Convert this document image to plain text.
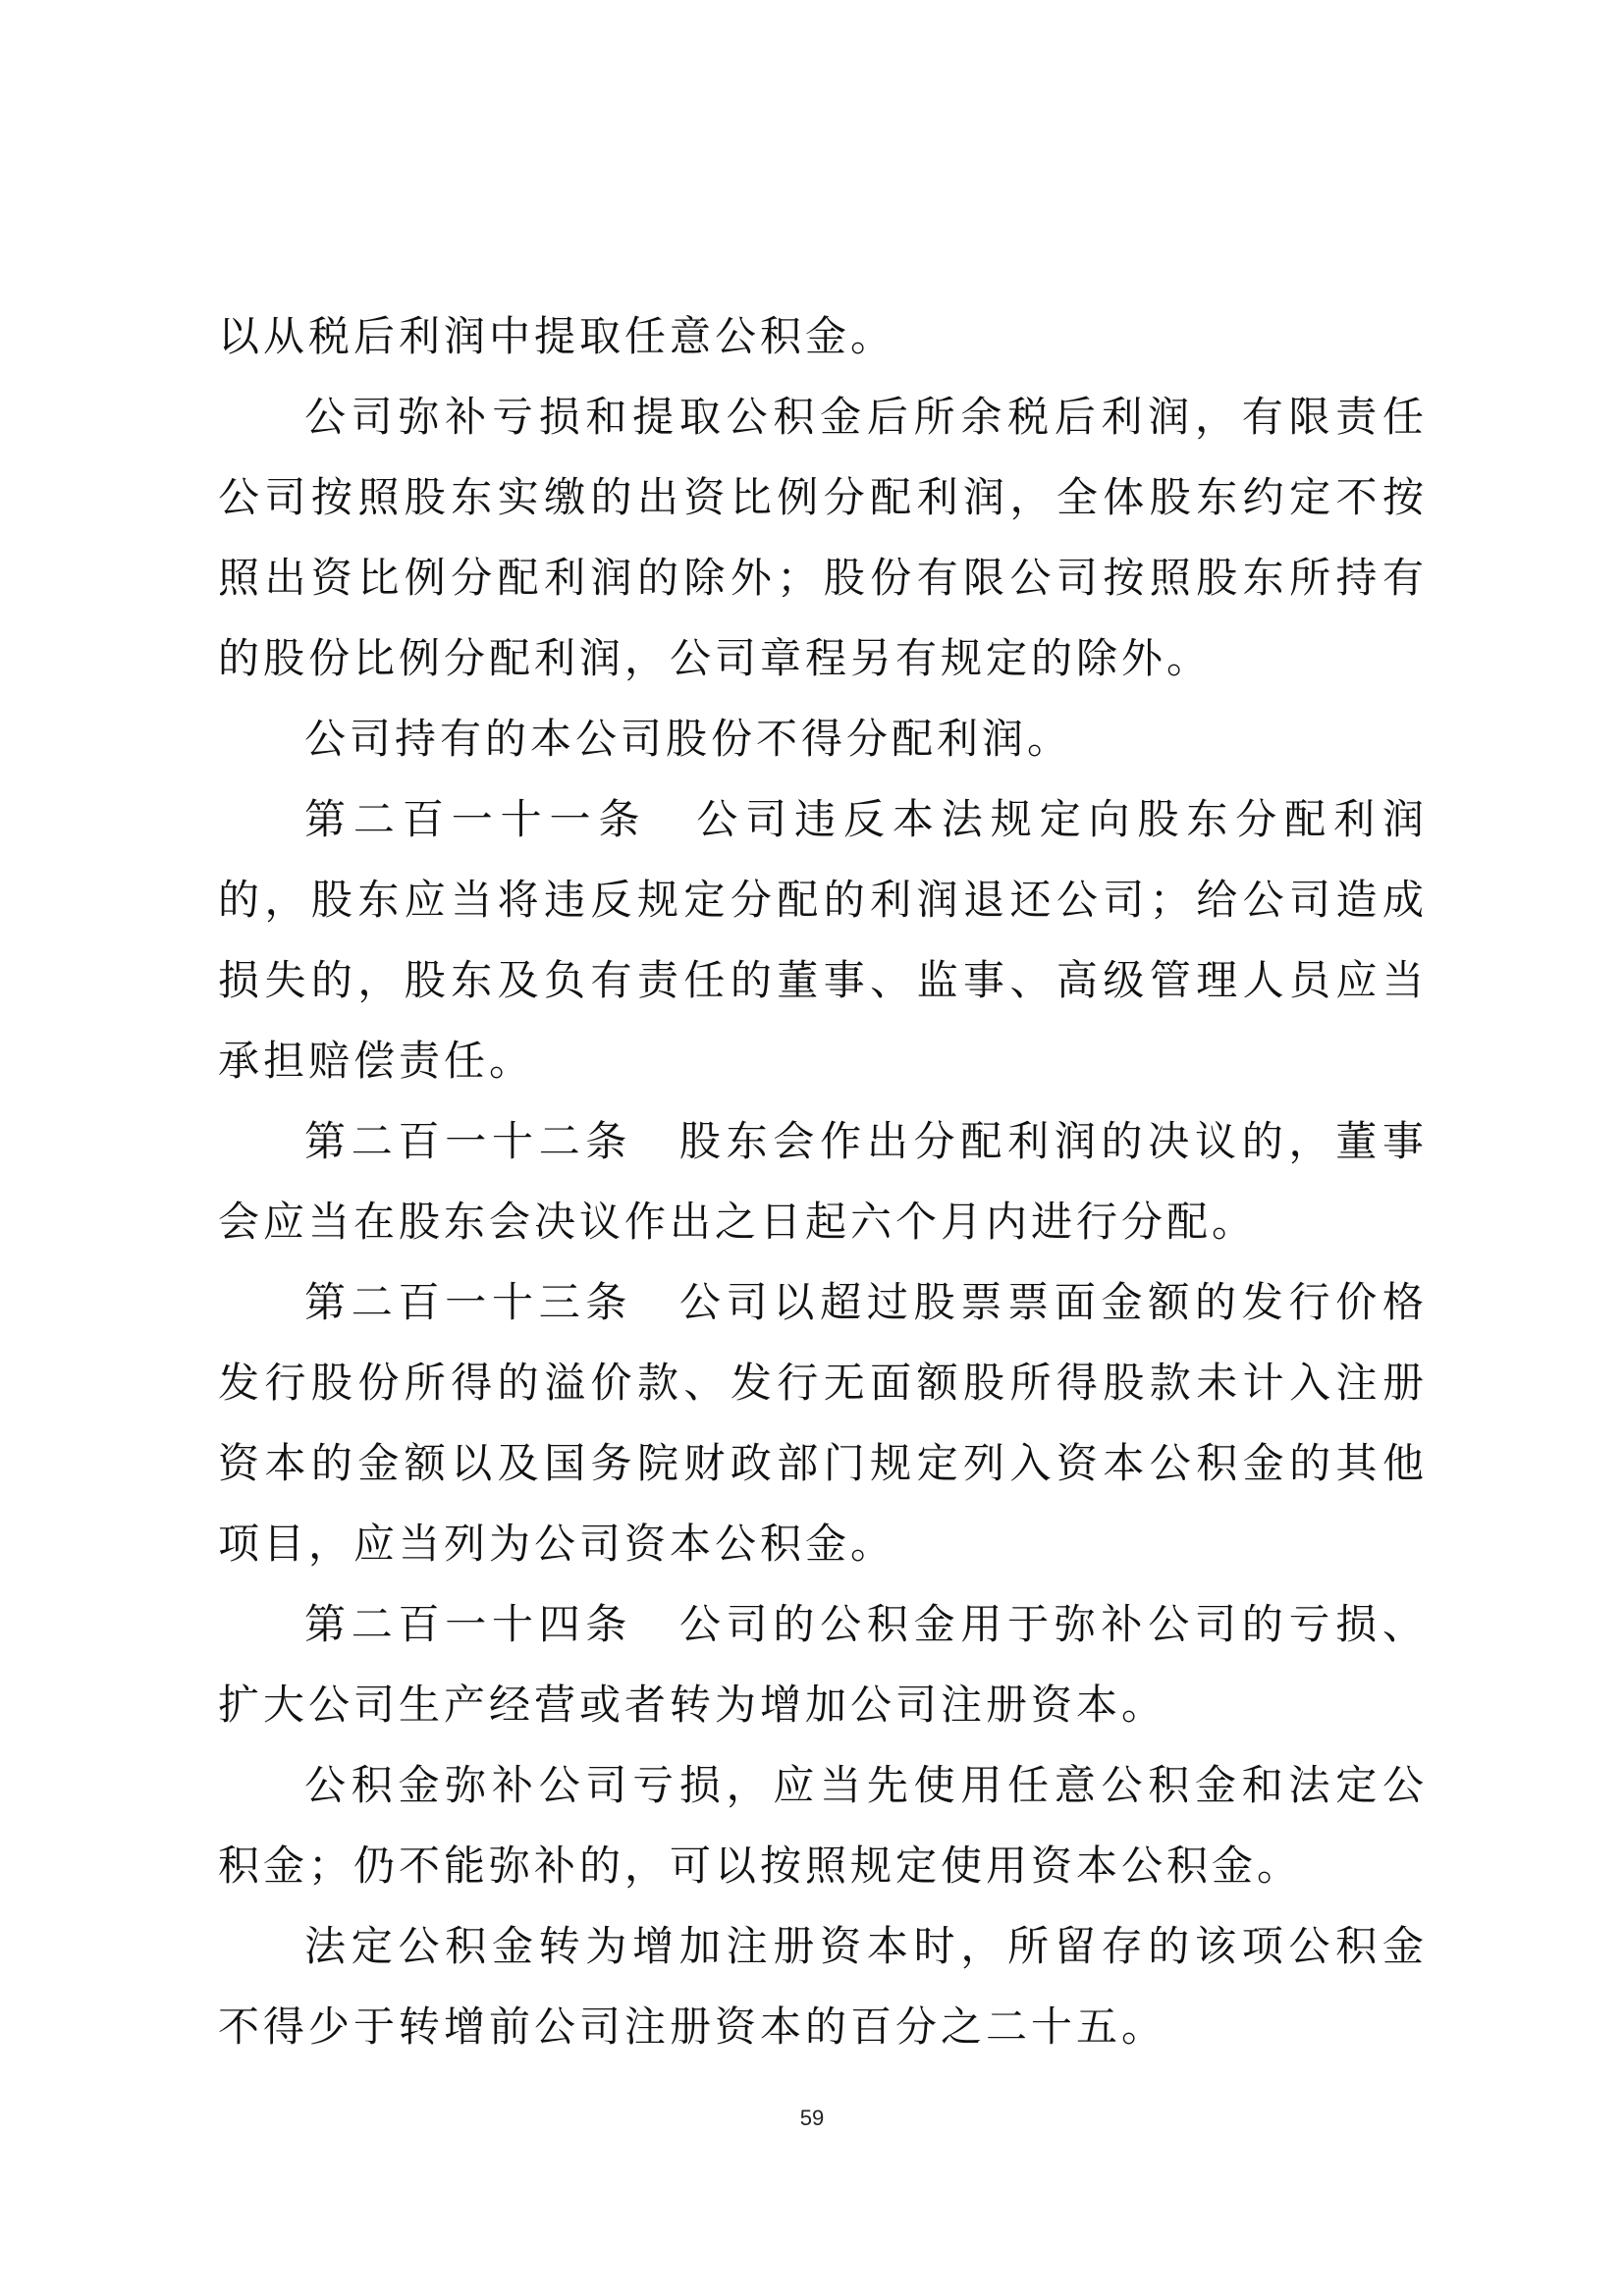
以从税后利润中提取任意公积金。

公司弥补亏损和提取公积金后所余税后利润，有限责任公司按照股东实缴的出资比例分配利润，全体股东约定不按照出资比例分配利润的除外；股份有限公司按照股东所持有的股份比例分配利润，公司章程另有规定的除外。

公司持有的本公司股份不得分配利润。

第二百一十一条　公司违反本法规定向股东分配利润的，股东应当将违反规定分配的利润退还公司；给公司造成损失的，股东及负有责任的董事、监事、高级管理人员应当承担赔偿责任。

第二百一十二条　股东会作出分配利润的决议的，董事会应当在股东会决议作出之日起六个月内进行分配。

第二百一十三条　公司以超过股票票面金额的发行价格发行股份所得的溢价款、发行无面额股所得股款未计入注册资本的金额以及国务院财政部门规定列入资本公积金的其他项目，应当列为公司资本公积金。

第二百一十四条　公司的公积金用于弥补公司的亏损、扩大公司生产经营或者转为增加公司注册资本。

公积金弥补公司亏损，应当先使用任意公积金和法定公积金；仍不能弥补的，可以按照规定使用资本公积金。

法定公积金转为增加注册资本时，所留存的该项公积金不得少于转增前公司注册资本的百分之二十五。

59
